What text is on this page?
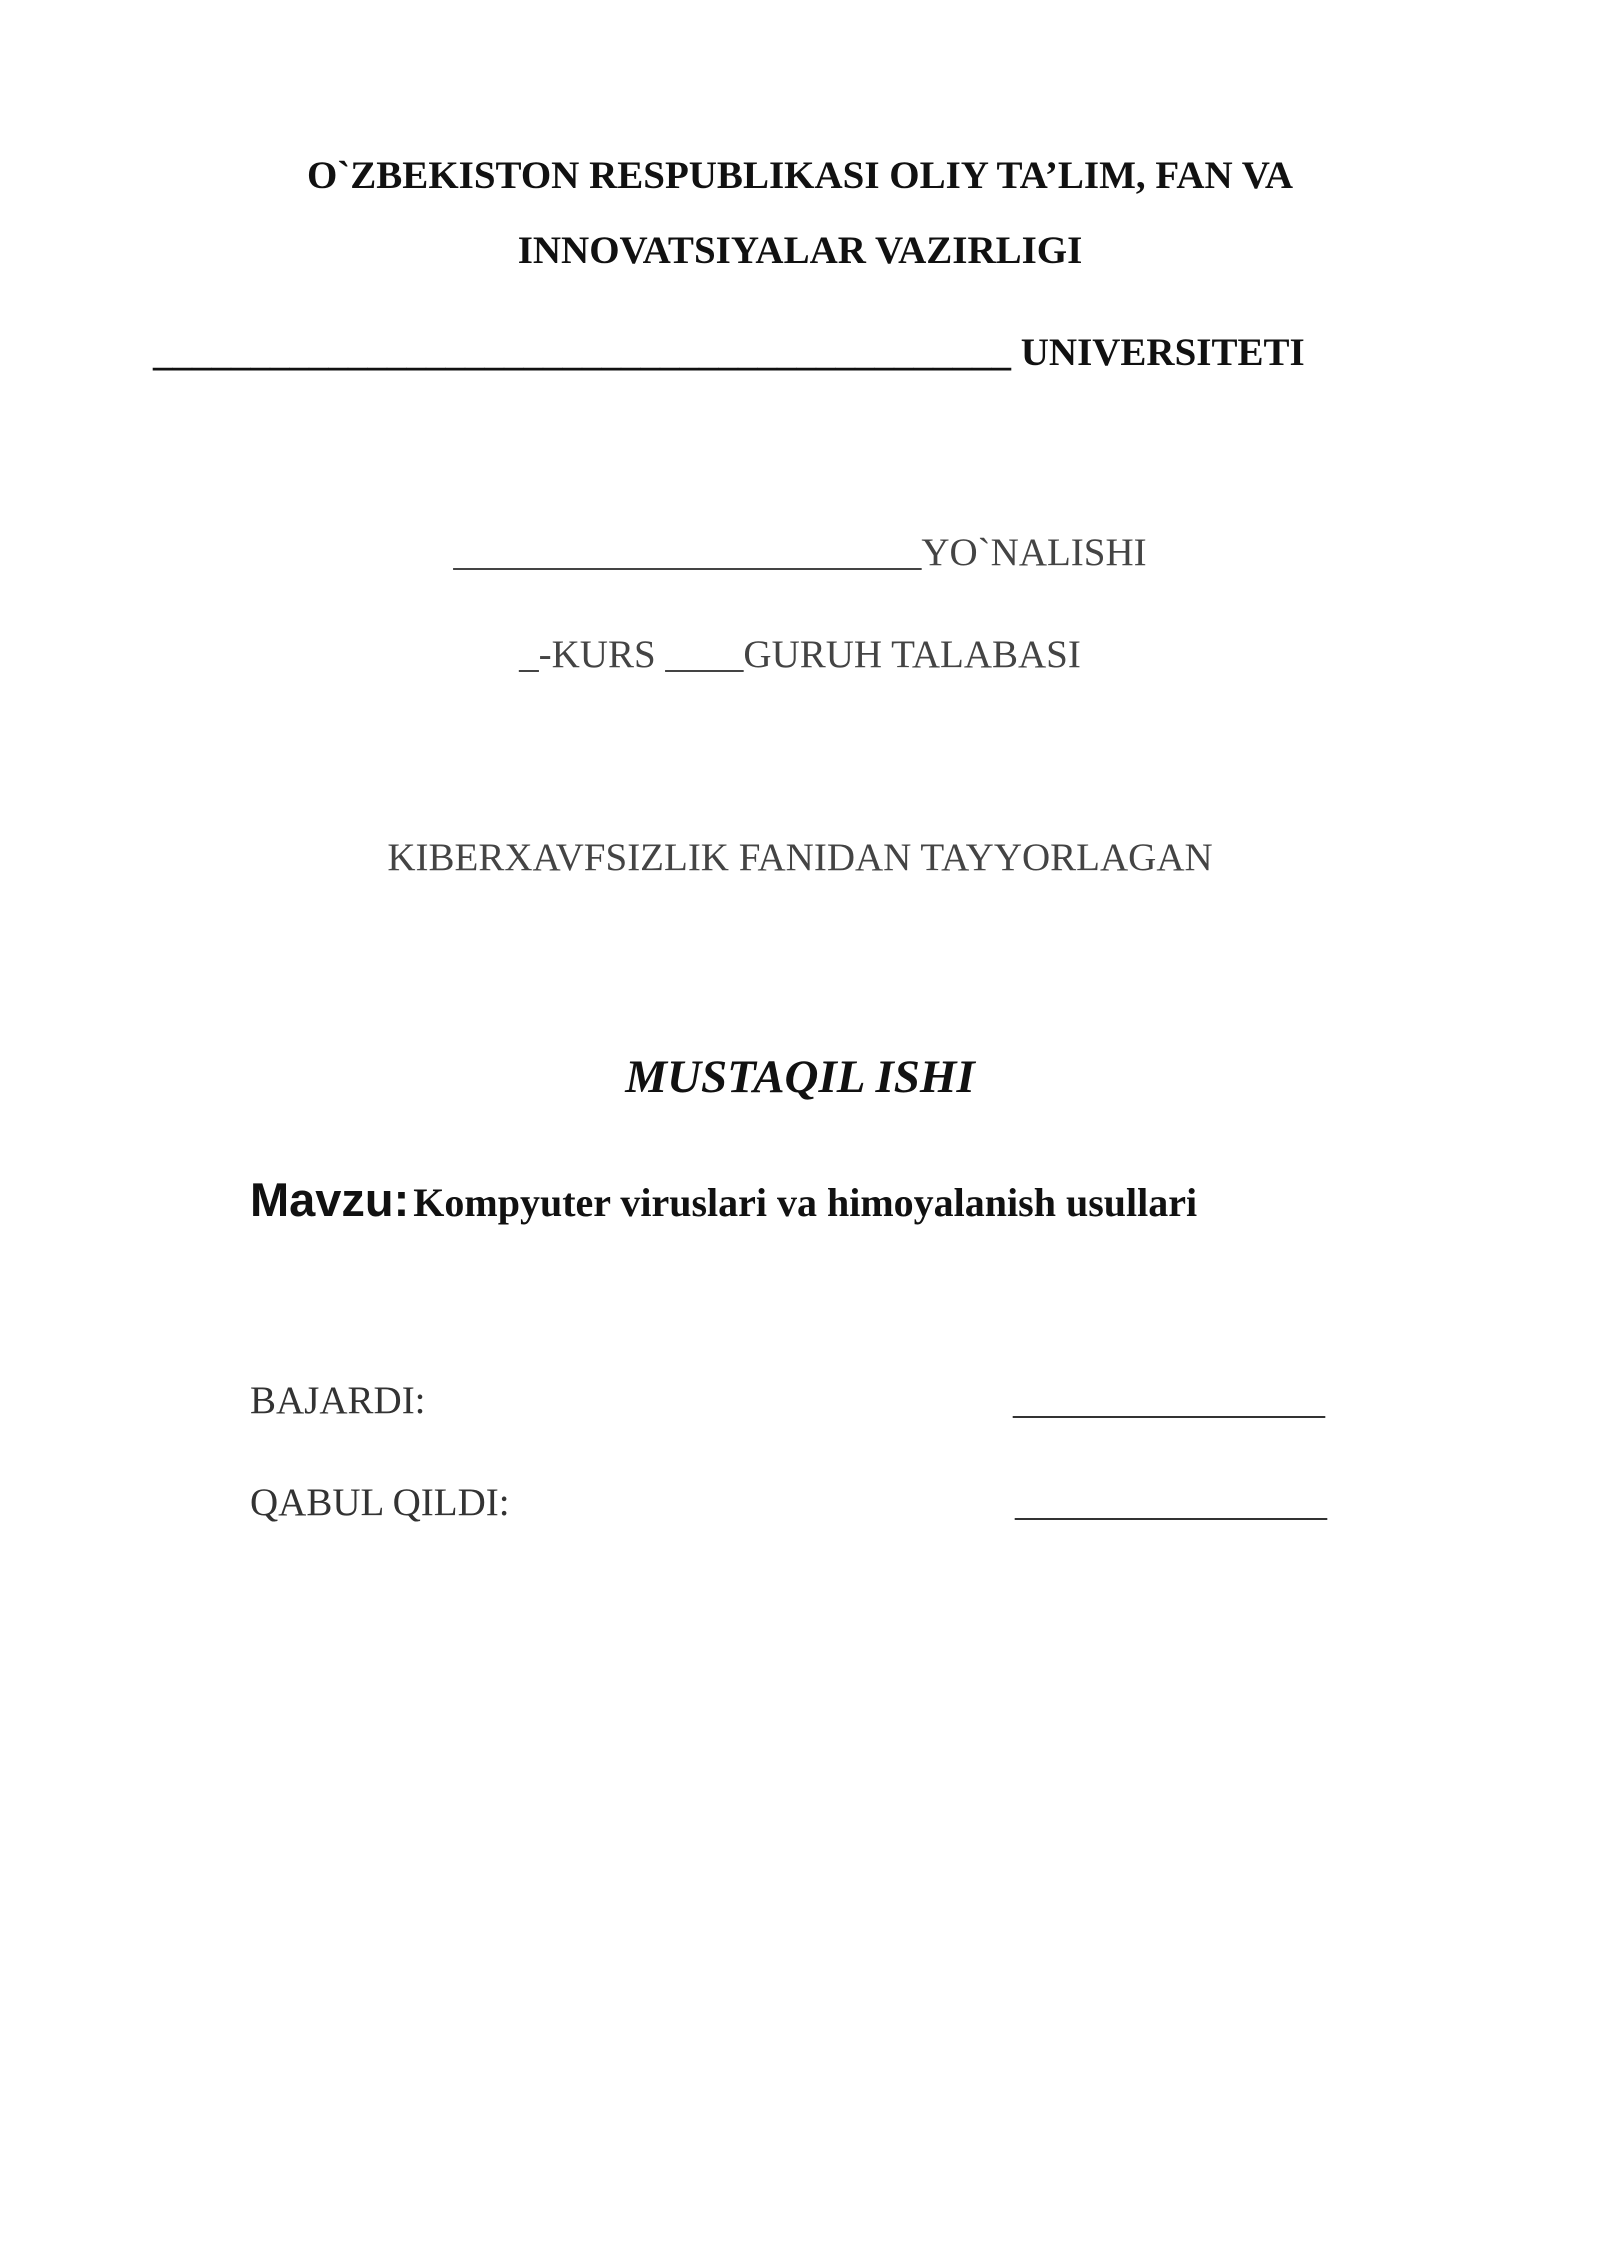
O`ZBEKISTON RESPUBLIKASI OLIY TA’LIM, FAN VA
INNOVATSIYALAR VAZIRLIGI
____________________________________________ UNIVERSITETI
________________________YO`NALISHI
_-KURS ____GURUH TALABASI
KIBERXAVFSIZLIK FANIDAN TAYYORLAGAN
MUSTAQIL ISHI
Mavzu: Kompyuter viruslari va himoyalanish usullari
BAJARDI:	________________
QABUL QILDI:	________________
